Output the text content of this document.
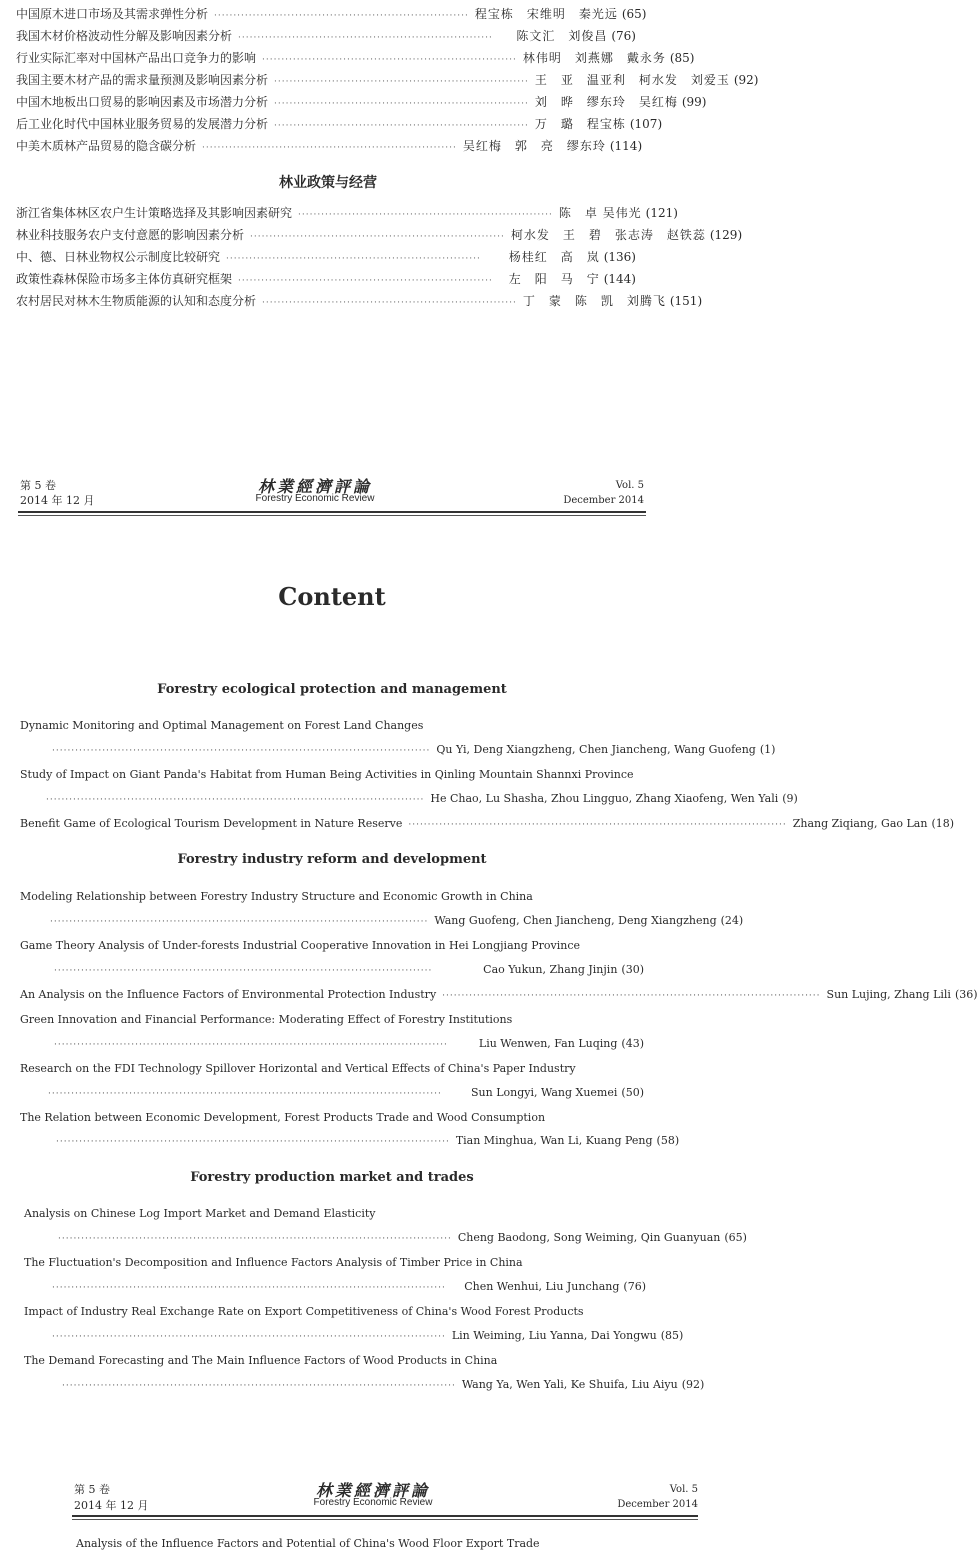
中国原木进口市场及其需求弹性分析 ·································································· 程宝栋　宋维明　秦光远 (65)
我国木材价格波动性分解及影响因素分析 ··································································	陈文汇　刘俊昌 (76)
行业实际汇率对中国林产品出口竞争力的影响 ·································································· 林伟明　刘燕娜　戴永务 (85)
我国主要木材产品的需求量预测及影响因素分析 ·································································· 王　亚　温亚利　柯水发　刘爱玉 (92)
中国木地板出口贸易的影响因素及市场潜力分析 ·································································· 刘　晔　缪东玲　吴红梅 (99)
后工业化时代中国林业服务贸易的发展潜力分析 ·································································· 万　璐　程宝栋 (107)
中美木质林产品贸易的隐含碳分析 ·································································· 吴红梅　郭　亮　缪东玲 (114)
林业政策与经营
浙江省集体林区农户生计策略选择及其影响因素研究 ·································································· 陈　卓 吴伟光 (121)
林业科技服务农户支付意愿的影响因素分析 ·································································· 柯水发　王　碧　张志涛　赵铁蕊 (129)
中、德、日林业物权公示制度比较研究 ··································································	杨桂红　高　岚 (136)
政策性森林保险市场多主体仿真研究框架 ··································································	左　阳　马　宁 (144)
农村居民对林木生物质能源的认知和态度分析 ·································································· 丁　蒙　陈　凯　刘腾飞 (151)
第 5 卷
2014 年 12 月
林業經濟評論
Forestry Economic Review
Vol. 5
December 2014
Content
Forestry ecological protection and management
Dynamic Monitoring and Optimal Management on Forest Land Changes
·································································································· Qu Yi, Deng Xiangzheng, Chen Jiancheng, Wang Guofeng (1)
Study of Impact on Giant Panda's Habitat from Human Being Activities in Qinling Mountain Shannxi Province
·································································································· He Chao, Lu Shasha, Zhou Lingguo, Zhang Xiaofeng, Wen Yali (9)
Benefit Game of Ecological Tourism Development in Nature Reserve ·································································································· Zhang Ziqiang, Gao Lan (18)
Forestry industry reform and development
Modeling Relationship between Forestry Industry Structure and Economic Growth in China
·································································································· Wang Guofeng, Chen Jiancheng, Deng Xiangzheng (24)
Game Theory Analysis of Under-forests Industrial Cooperative Innovation in Hei Longjiang Province
··································································································	Cao Yukun, Zhang Jinjin (30)
An Analysis on the Influence Factors of Environmental Protection Industry ·································································································· Sun Lujing, Zhang Lili (36)
Green Innovation and Financial Performance: Moderating Effect of Forestry Institutions
······································································································	Liu Wenwen, Fan Luqing (43)
Research on the FDI Technology Spillover Horizontal and Vertical Effects of China's Paper Industry
······································································································	Sun Longyi, Wang Xuemei (50)
The Relation between Economic Development, Forest Products Trade and Wood Consumption
······································································································ Tian Minghua, Wan Li, Kuang Peng (58)
Forestry production market and trades
Analysis on Chinese Log Import Market and Demand Elasticity
······································································································ Cheng Baodong, Song Weiming, Qin Guanyuan (65)
The Fluctuation's Decomposition and Influence Factors Analysis of Timber Price in China
······································································································	Chen Wenhui, Liu Junchang (76)
Impact of Industry Real Exchange Rate on Export Competitiveness of China's Wood Forest Products
······································································································ Lin Weiming, Liu Yanna, Dai Yongwu (85)
The Demand Forecasting and The Main Influence Factors of Wood Products in China
······································································································ Wang Ya, Wen Yali, Ke Shuifa, Liu Aiyu (92)
第 5 卷
2014 年 12 月
林業經濟評論
Forestry Economic Review
Vol. 5
December 2014
Analysis of the Influence Factors and Potential of China's Wood Floor Export Trade
